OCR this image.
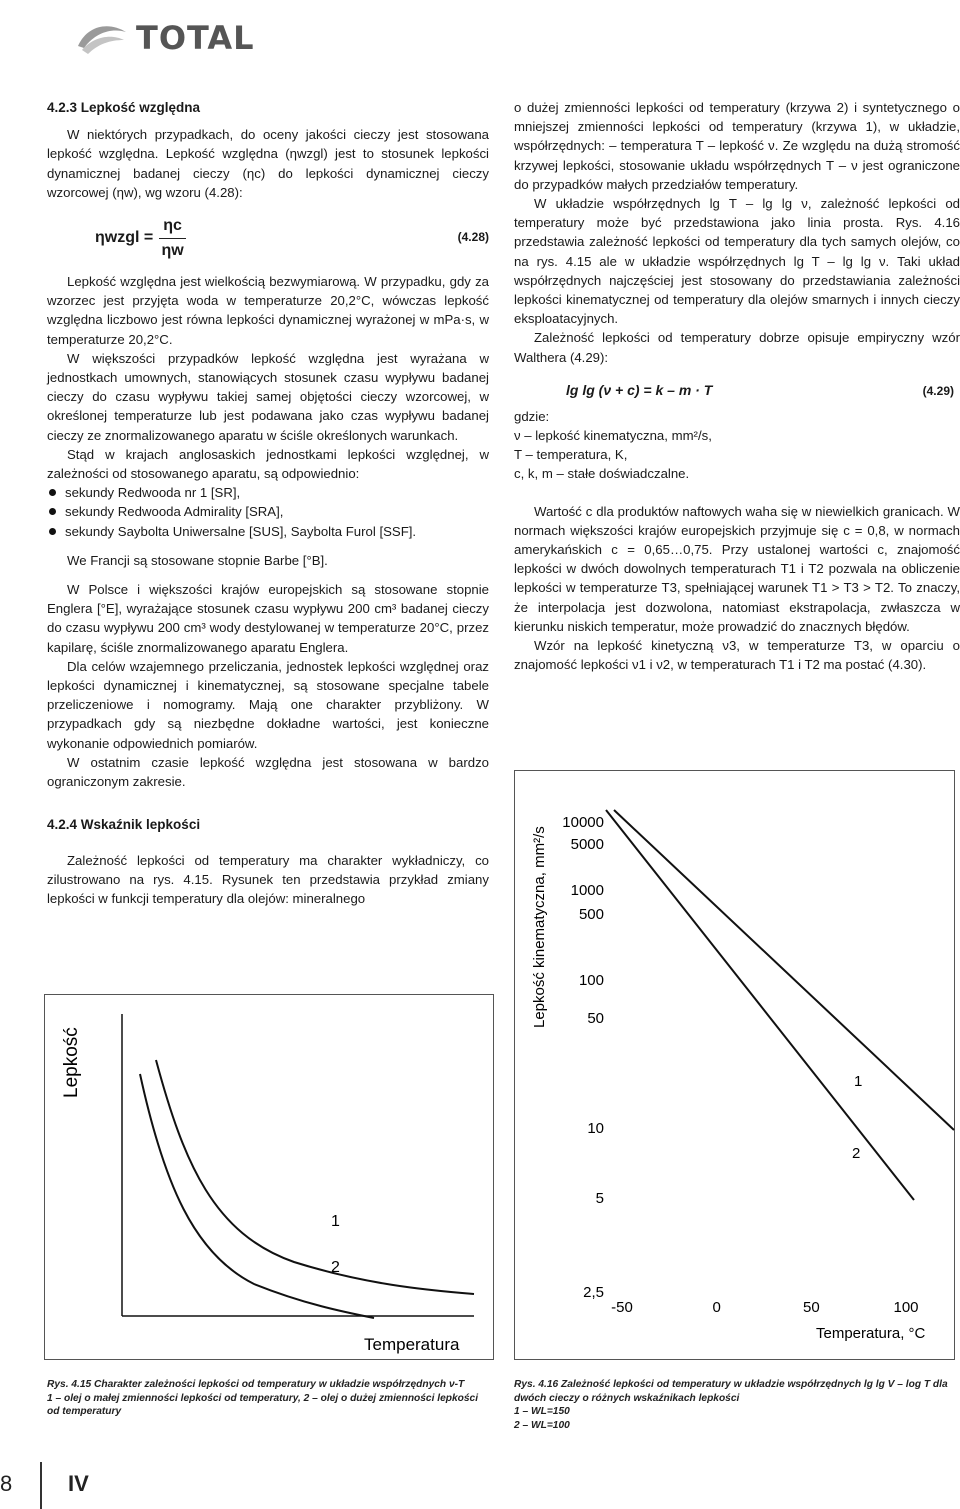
TOTAL
4.2.3 Lepkość względna

W niektórych przypadkach, do oceny jakości cieczy jest stosowana lepkość względna. Lepkość względna (ηwzgl) jest to stosunek lepkości dynamicznej badanej cieczy (ηc) do lepkości dynamicznej cieczy wzorcowej (ηw), wg wzoru (4.28):

ηwzgl = $\frac{\eta c}{\eta w}$	(4.28)

Lepkość względna jest wielkością bezwymiarową. W przypadku, gdy za wzorzec jest przyjęta woda w temperaturze 20,2°C, wówczas lepkość względna liczbowo jest równa lepkości dynamicznej wyrażonej w mPa·s, w temperaturze 20,2°C.

W większości przypadków lepkość względna jest wyrażana w jednostkach umownych, stanowiących stosunek czasu wypływu badanej cieczy do czasu wypływu takiej samej objętości cieczy wzorcowej, w określonej temperaturze lub jest podawana jako czas wypływu badanej cieczy ze znormalizowanego aparatu w ściśle określonych warunkach.

Stąd w krajach anglosaskich jednostkami lepkości względnej, w zależności od stosowanego aparatu, są odpowiednio:

sekundy Redwooda nr 1 [SR],
sekundy Redwooda Admirality [SRA],
sekundy Saybolta Uniwersalne [SUS], Saybolta Furol [SSF].

We Francji są stosowane stopnie Barbe [°B].

W Polsce i większości krajów europejskich są stosowane stopnie Englera [°E], wyrażające stosunek czasu wypływu 200 cm³ badanej cieczy do czasu wypływu 200 cm³ wody destylowanej w temperaturze 20°C, przez kapilarę, ściśle znormalizowanego aparatu Englera.

Dla celów wzajemnego przeliczania, jednostek lepkości względnej oraz lepkości dynamicznej i kinematycznej, są stosowane specjalne tabele przeliczeniowe i nomogramy. Mają one charakter przybliżony. W przypadkach gdy są niezbędne dokładne wartości, jest konieczne wykonanie odpowiednich pomiarów.

W ostatnim czasie lepkość względna jest stosowana w bardzo ograniczonym zakresie.

4.2.4 Wskaźnik lepkości

Zależność lepkości od temperatury ma charakter wykładniczy, co zilustrowano na rys. 4.15. Rysunek ten przedstawia przykład zmiany lepkości w funkcji temperatury dla olejów: mineralnego

o dużej zmienności lepkości od temperatury (krzywa 2) i syntetycznego o mniejszej zmienności lepkości od temperatury (krzywa 1), w układzie, współrzędnych: – temperatura T – lepkość ν. Ze względu na dużą stromość krzywej lepkości, stosowanie układu współrzędnych T – ν jest ograniczone do przypadków małych przedziałów temperatury.

W układzie współrzędnych lg T – lg lg ν, zależność lepkości od temperatury może być przedstawiona jako linia prosta. Rys. 4.16 przedstawia zależność lepkości od temperatury dla tych samych olejów, co na rys. 4.15 ale w układzie współrzędnych lg T – lg lg ν. Taki układ współrzędnych najczęściej jest stosowany do przedstawiania zależności lepkości kinematycznej od temperatury dla olejów smarnych i innych cieczy eksploatacyjnych.

Zależność lepkości od temperatury dobrze opisuje empiryczny wzór Walthera (4.29):

lg lg (ν + c) = k – m · T	(4.29)

gdzie:

ν – lepkość kinematyczna, mm²/s,

T – temperatura, K,

c, k, m – stałe doświadczalne.

Wartość c dla produktów naftowych waha się w niewielkich granicach. W normach większości krajów europejskich przyjmuje się c = 0,8, w normach amerykańskich c = 0,65…0,75. Przy ustalonej wartości c, znajomość lepkości w dwóch dowolnych temperaturach T1 i T2 pozwala na obliczenie lepkości w temperaturze T3, spełniającej warunek T1 > T3 > T2. To znaczy, że interpolacja jest dozwolona, natomiast ekstrapolacja, zwłaszcza w kierunku niskich temperatur, może prowadzić do znacznych błędów.

Wzór na lepkość kinetyczną ν3, w temperaturze T3, w oparciu o znajomość lepkości ν1 i ν2, w temperaturach T1 i T2 ma postać (4.30).

Lepkość
Temperatura
1
2
Lepkość kinematyczna, mm²/s
10000
5000
1000
500
100
50
10
5
2,5
-50	0	50	100
Temperatura, °C
1
2
Rys. 4.15 Charakter zależności lepkości od temperatury w układzie współrzędnych ν-T
1 – olej o małej zmienności lepkości od temperatury, 2 – olej o dużej zmienności lepkości od temperatury
Rys. 4.16 Zależność lepkości od temperatury w układzie współrzędnych lg lg V – log T dla dwóch cieczy o różnych wskaźnikach lepkości
1 – WL=150
2 – WL=100
8	IV
